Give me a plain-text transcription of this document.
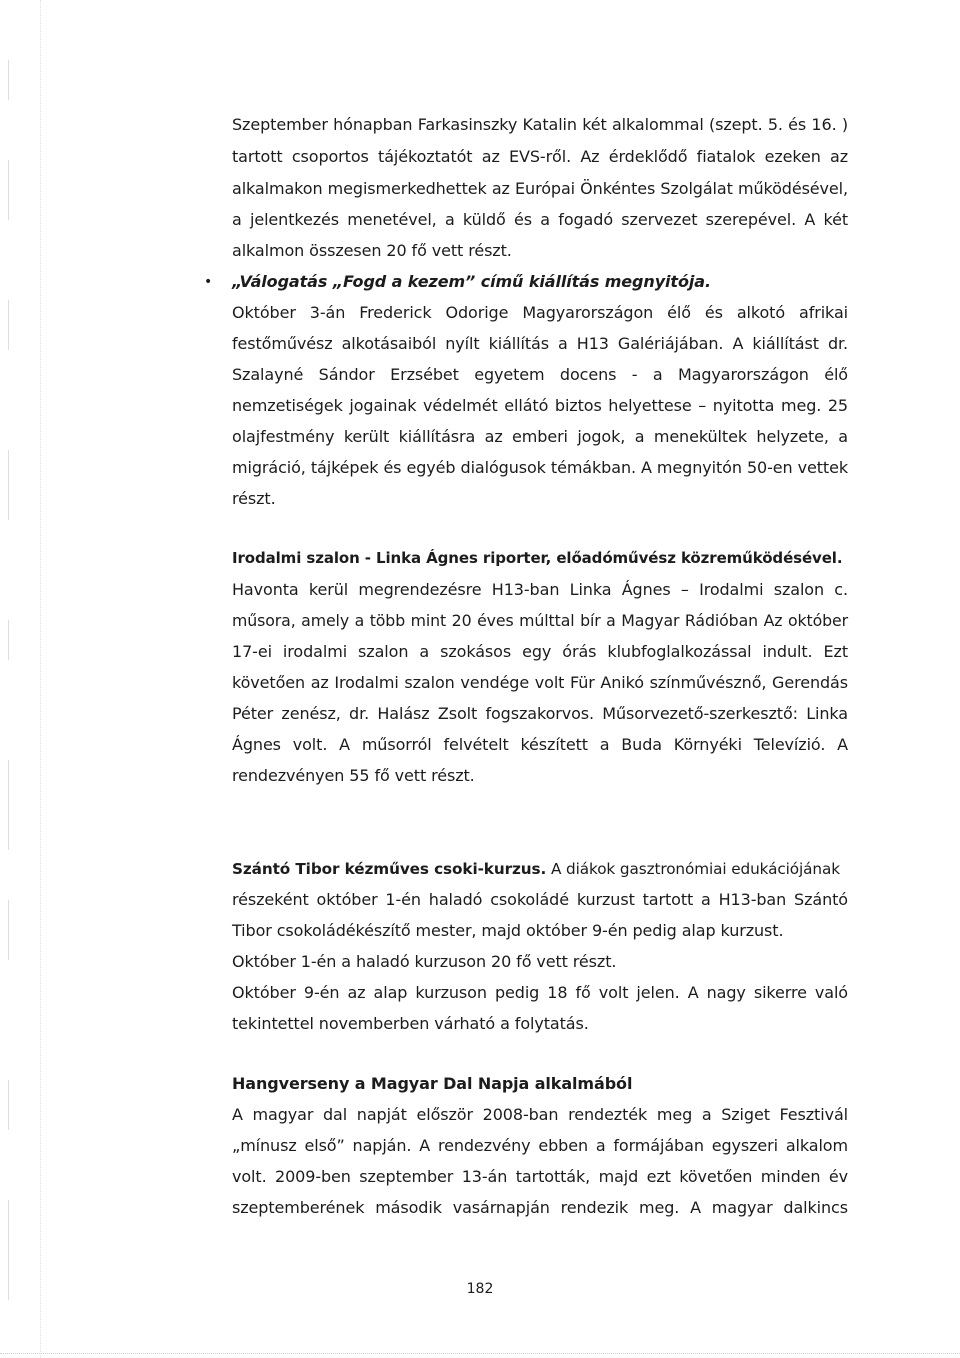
Szeptember hónapban Farkasinszky Katalin két alkalommal (szept. 5. és 16. )
tartott csoportos tájékoztatót az EVS-ről. Az érdeklődő fiatalok ezeken az
alkalmakon megismerkedhettek az Európai Önkéntes Szolgálat működésével,
a jelentkezés menetével, a küldő és a fogadó szervezet szerepével. A két
alkalmon összesen 20 fő vett részt.
• „Válogatás „Fogd a kezem” című kiállítás megnyitója.
Október 3-án Frederick Odorige Magyarországon élő és alkotó afrikai
festőművész alkotásaiból nyílt kiállítás a H13 Galériájában. A kiállítást dr.
Szalayné Sándor Erzsébet egyetem docens - a Magyarországon élő
nemzetiségek jogainak védelmét ellátó biztos helyettese – nyitotta meg. 25
olajfestmény került kiállításra az emberi jogok, a menekültek helyzete, a
migráció, tájképek és egyéb dialógusok témákban. A megnyitón 50-en vettek
részt.
Irodalmi szalon - Linka Ágnes riporter, előadóművész közreműködésével.
Havonta kerül megrendezésre H13-ban Linka Ágnes – Irodalmi szalon c.
műsora, amely a több mint 20 éves múlttal bír a Magyar Rádióban Az október
17-ei irodalmi szalon a szokásos egy órás klubfoglalkozással indult. Ezt
követően az Irodalmi szalon vendége volt Für Anikó színművésznő, Gerendás
Péter zenész, dr. Halász Zsolt fogszakorvos. Műsorvezető-szerkesztő: Linka
Ágnes volt. A műsorról felvételt készített a Buda Környéki Televízió. A
rendezvényen 55 fő vett részt.
Szántó Tibor kézműves csoki-kurzus. A diákok gasztronómiai edukációjának
részeként október 1-én haladó csokoládé kurzust tartott a H13-ban Szántó
Tibor csokoládékészítő mester, majd október 9-én pedig alap kurzust.
Október 1-én a haladó kurzuson 20 fő vett részt.
Október 9-én az alap kurzuson pedig 18 fő volt jelen. A nagy sikerre való
tekintettel novemberben várható a folytatás.
Hangverseny a Magyar Dal Napja alkalmából
A magyar dal napját először 2008-ban rendezték meg a Sziget Fesztivál
„mínusz első” napján. A rendezvény ebben a formájában egyszeri alkalom
volt. 2009-ben szeptember 13-án tartották, majd ezt követően minden év
szeptemberének második vasárnapján rendezik meg. A magyar dalkincs
182
